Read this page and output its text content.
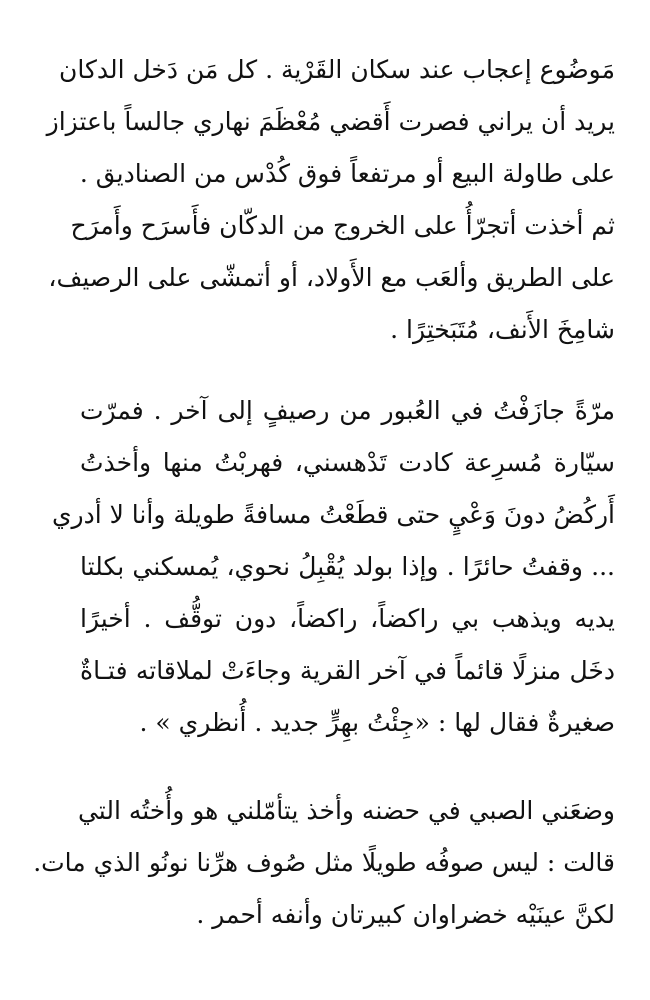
مَوضُوع إعجاب عند سكان القَرْية . كل مَن دَخل الدكان
يريد أن يراني فصرت أَقضي مُعْظَمَ نهاري جالساً باعتزاز
على طاولة البيع أو مرتفعاً فوق كُدْس من الصناديق .
ثم أخذت أتجرّأُ على الخروج من الدكّان فأَسرَح وأَمرَح
على الطريق وألعَب مع الأَولاد، أو أتمشّى على الرصيف،
شامِخَ الأَنف، مُتَبَختِرًا .
مرّةً جازَفْتُ في العُبور من رصيفٍ إلى آخر . فمرّت
سيّارة مُسرِعة كادت تَدْهسني، فهربْتُ منها وأخذتُ
أَركُضُ دونَ وَعْيٍ حتى قطَعْتُ مسافةً طويلة وأنا لا أدري
... وقفتُ حائرًا . وإذا بولد يُقْبِلُ نحوي، يُمسكني بكلتا
يديه ويذهب بي راكضاً، راكضاً، دون توقُّف . أخيرًا
دخَل منزلًا قائماً في آخر القرية وجاءَتْ لملاقاته فتـاةٌ
صغيرةٌ فقال لها : «جِئْتُ بهِرٍّ جديد . أُنظري » .
وضعَني الصبي في حضنه وأخذ يتأمّلني هو وأُختُه التي
قالت : ليس صوفُه طويلًا مثل صُوف هرِّنا نونُو الذي مات.
لكنَّ عينَيْه خضراوان كبيرتان وأنفه أحمر .
